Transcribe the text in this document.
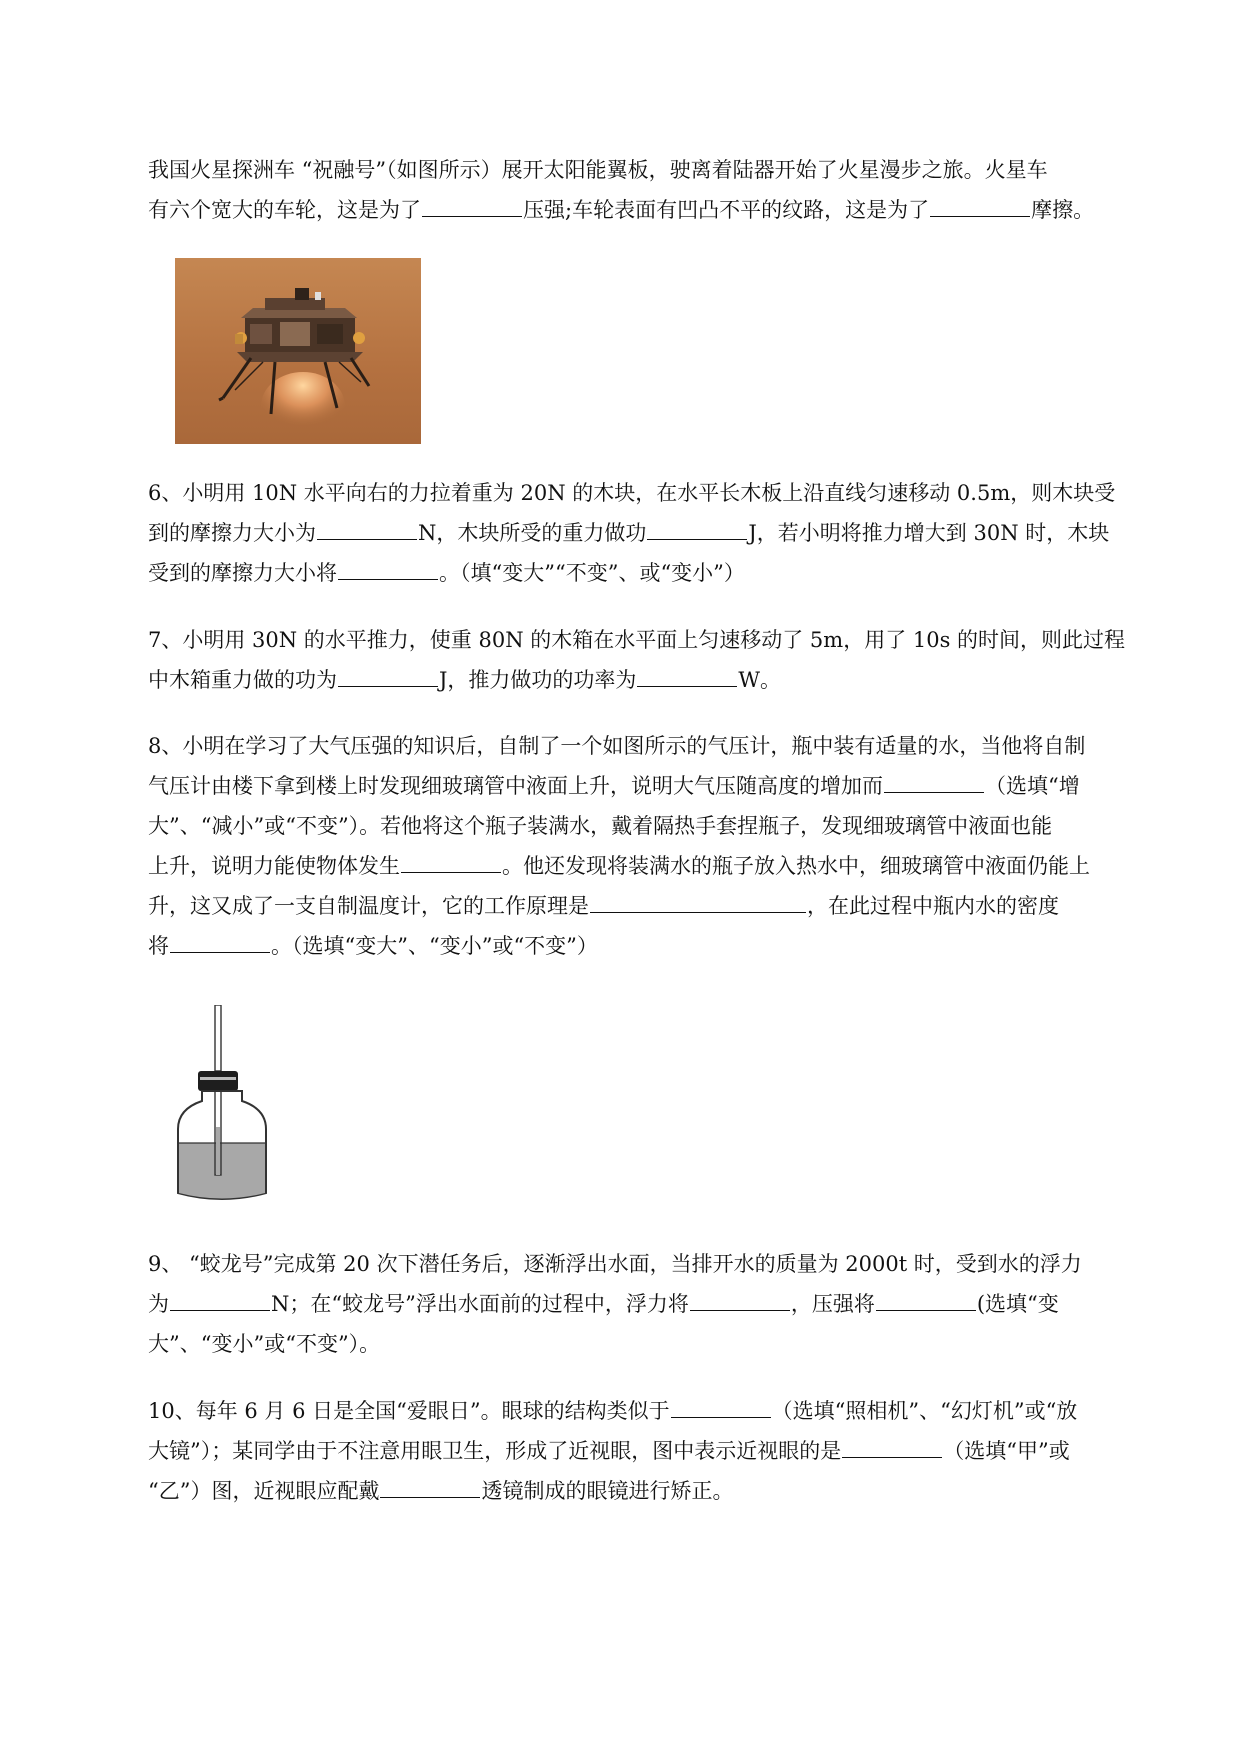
我国火星探洲车 “祝融号”（如图所示）展开太阳能翼板，驶离着陆器开始了火星漫步之旅。火星车
有六个宽大的车轮，这是为了	压强;车轮表面有凹凸不平的纹路，这是为了	摩擦。
6、小明用 10N 水平向右的力拉着重为 20N 的木块，在水平长木板上沿直线匀速移动 0.5m，则木块受
到的摩擦力大小为	N，木块所受的重力做功	J，若小明将推力增大到 30N 时，木块
受到的摩擦力大小将	。（填“变大”“不变”、或“变小”）
7、小明用 30N 的水平推力，使重 80N 的木箱在水平面上匀速移动了 5m，用了 10s 的时间，则此过程
中木箱重力做的功为	J，推力做功的功率为	W。
8、小明在学习了大气压强的知识后，自制了一个如图所示的气压计，瓶中装有适量的水，当他将自制
气压计由楼下拿到楼上时发现细玻璃管中液面上升，说明大气压随高度的增加而	（选填“增
大”、“减小”或“不变”）。若他将这个瓶子装满水，戴着隔热手套捏瓶子，发现细玻璃管中液面也能
上升，说明力能使物体发生	。他还发现将装满水的瓶子放入热水中，细玻璃管中液面仍能上
升，这又成了一支自制温度计，它的工作原理是	，在此过程中瓶内水的密度
将	。（选填“变大”、“变小”或“不变”）
9、 “蛟龙号”完成第 20 次下潜任务后，逐渐浮出水面，当排开水的质量为 2000t 时，受到水的浮力
为	N；在“蛟龙号”浮出水面前的过程中，浮力将	，压强将	(选填“变
大”、“变小”或“不变”）。
10、每年 6 月 6 日是全国“爱眼日”。眼球的结构类似于	（选填“照相机”、“幻灯机”或“放
大镜”）；某同学由于不注意用眼卫生，形成了近视眼，图中表示近视眼的是	（选填“甲”或
“乙”）图，近视眼应配戴	透镜制成的眼镜进行矫正。
